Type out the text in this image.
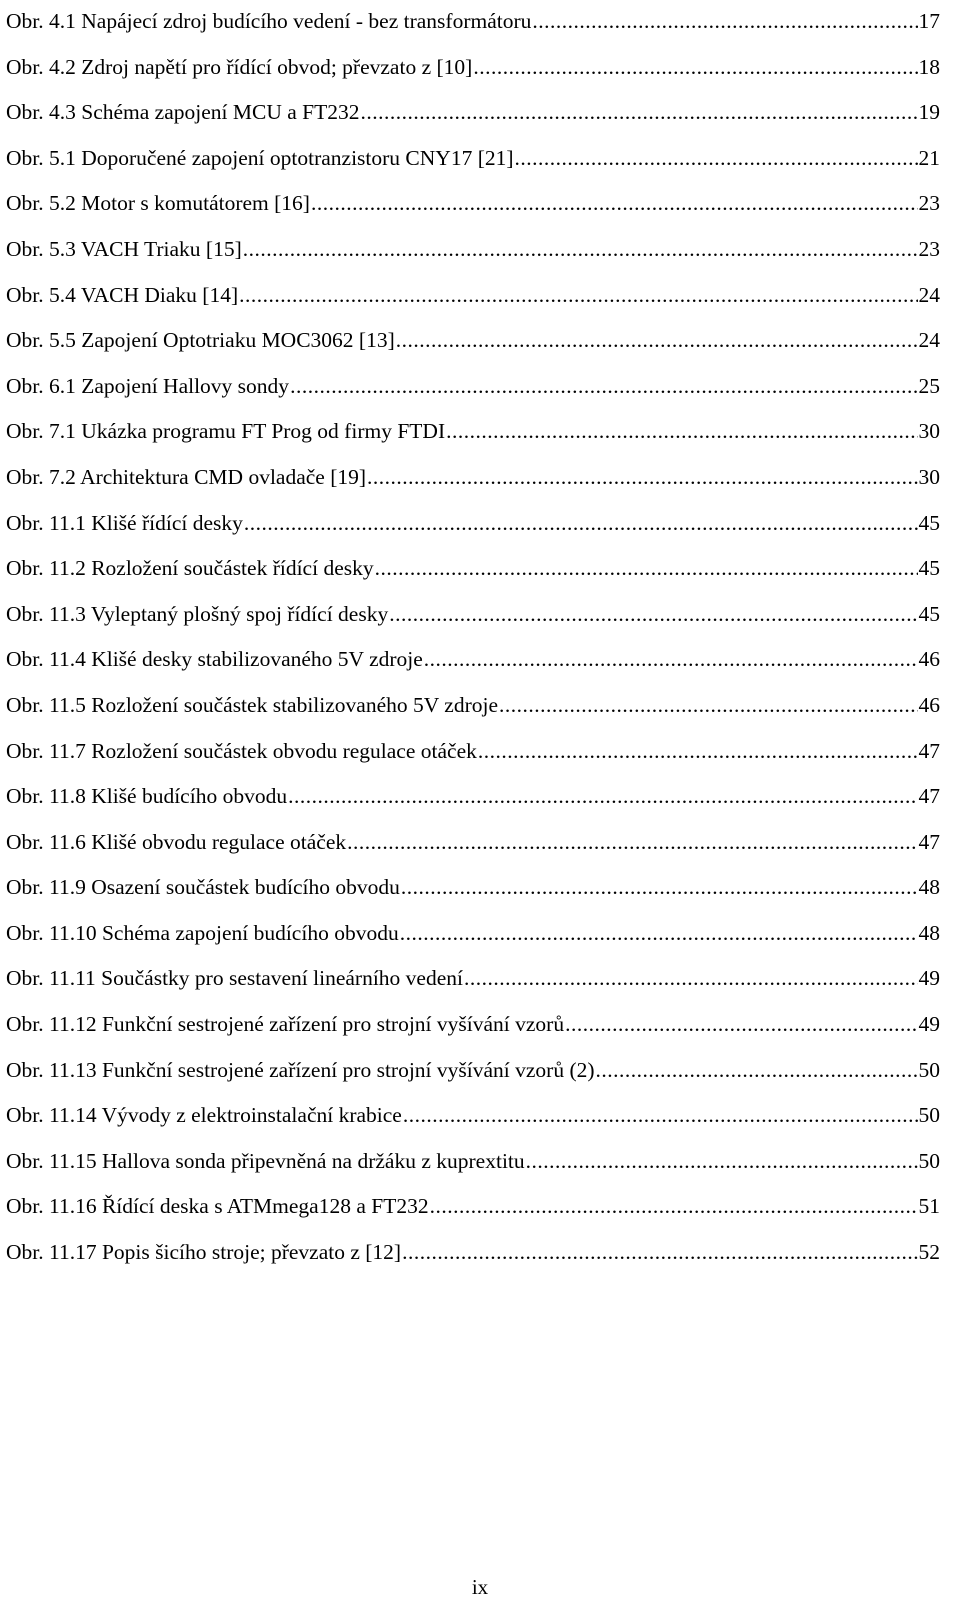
Obr. 4.1 Napájecí zdroj budícího vedení - bez transformátoru .....	17
Obr. 4.2 Zdroj napětí pro řídící obvod; převzato z [10] .....	18
Obr. 4.3 Schéma zapojení MCU a FT232 .....	19
Obr. 5.1 Doporučené zapojení optotranzistoru CNY17 [21] .....	21
Obr. 5.2 Motor s komutátorem [16] .....	23
Obr. 5.3 VACH Triaku [15] .....	23
Obr. 5.4 VACH Diaku [14] .....	24
Obr. 5.5 Zapojení Optotriaku MOC3062 [13] .....	24
Obr. 6.1 Zapojení Hallovy sondy .....	25
Obr. 7.1 Ukázka programu FT Prog od firmy FTDI .....	30
Obr. 7.2 Architektura CMD ovladače [19] .....	30
Obr. 11.1 Klišé řídící desky .....	45
Obr. 11.2 Rozložení součástek řídící desky .....	45
Obr. 11.3 Vyleptaný plošný spoj řídící desky .....	45
Obr. 11.4 Klišé desky stabilizovaného 5V zdroje .....	46
Obr. 11.5 Rozložení součástek stabilizovaného 5V zdroje .....	46
Obr. 11.7 Rozložení součástek obvodu regulace otáček .....	47
Obr. 11.8 Klišé budícího obvodu .....	47
Obr. 11.6 Klišé obvodu regulace otáček .....	47
Obr. 11.9 Osazení součástek budícího obvodu .....	48
Obr. 11.10 Schéma zapojení budícího obvodu .....	48
Obr. 11.11 Součástky pro sestavení lineárního vedení .....	49
Obr. 11.12 Funkční sestrojené zařízení pro strojní vyšívání vzorů .....	49
Obr. 11.13 Funkční sestrojené zařízení pro strojní vyšívání vzorů (2) .....	50
Obr. 11.14 Vývody z elektroinstalační krabice .....	50
Obr. 11.15 Hallova sonda připevněná na držáku z kuprextitu .....	50
Obr. 11.16 Řídící deska s ATMmega128 a FT232 .....	51
Obr. 11.17 Popis šicího stroje; převzato z [12] .....	52
ix
